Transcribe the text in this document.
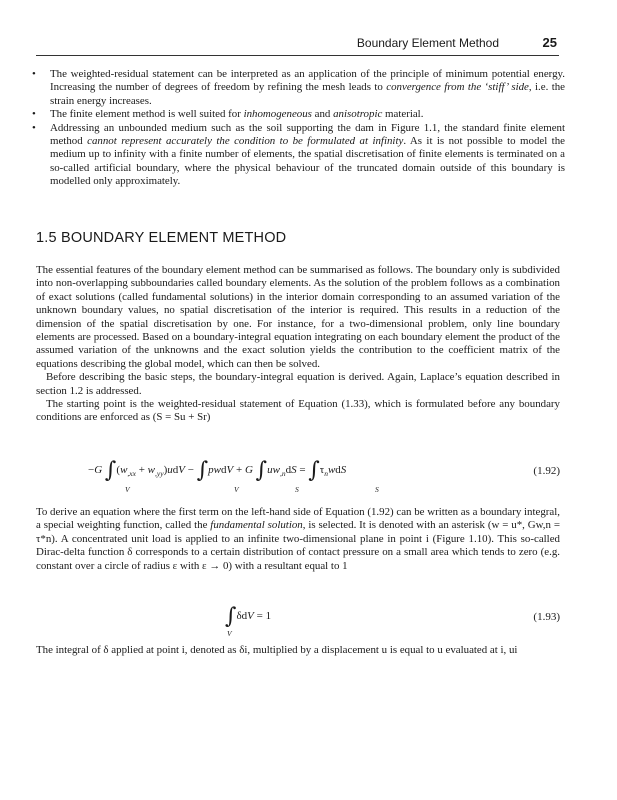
Boundary Element Method	25
•	The weighted-residual statement can be interpreted as an application of the principle of minimum potential energy. Increasing the number of degrees of freedom by refining the mesh leads to convergence from the ‘stiff’ side, i.e. the strain energy increases.
•	The finite element method is well suited for inhomogeneous and anisotropic material.
•	Addressing an unbounded medium such as the soil supporting the dam in Figure 1.1, the standard finite element method cannot represent accurately the condition to be formulated at infinity. As it is not possible to model the medium up to infinity with a finite number of elements, the spatial discretisation of finite elements is terminated on a so-called artificial boundary, where the physical behaviour of the truncated domain outside of this boundary is modelled only approximately.
1.5 BOUNDARY ELEMENT METHOD

The essential features of the boundary element method can be summarised as follows. The boundary only is subdivided into non-overlapping subboundaries called boundary elements. As the solution of the problem follows as a combination of exact solutions (called fundamental solutions) in the interior domain corresponding to an assumed variation of the unknown boundary values, no spatial discretisation of the interior is required. This results in a reduction of the dimension of the spatial discretisation by one. For instance, for a two-dimensional problem, only line boundary elements are processed. Based on a boundary-integral equation integrating on each boundary element the product of the assumed variation of the unknowns and the exact solution yields the contribution to the coefficient matrix of the equations describing the global model, which can then be solved.

Before describing the basic steps, the boundary-integral equation is derived. Again, Laplace’s equation described in section 1.2 is addressed.

The starting point is the weighted-residual statement of Equation (1.33), which is formulated before any boundary conditions are enforced as (S = Su + Sr)

−G $\int(w_{,xx} + w_{,yy})udV$ − ∫pwdV + G $\int uw_{,n}dS = \int\tau_nwdS$
V	V	S	S
(1.92)
To derive an equation where the first term on the left-hand side of Equation (1.92) can be written as a boundary integral, a special weighting function, called the fundamental solution, is selected. It is denoted with an asterisk (w = u*, Gw,n = τ*n). A concentrated unit load is applied to an infinite two-dimensional plane in point i (Figure 1.10). This so-called Dirac-delta function δ corresponds to a certain distribution of contact pressure on a small area which tends to zero (e.g. constant over a circle of radius ε with ε → 0) with a resultant equal to 1
∫δdV = 1
V
(1.93)
The integral of δ applied at point i, denoted as δi, multiplied by a displacement u is equal to u evaluated at i, ui
